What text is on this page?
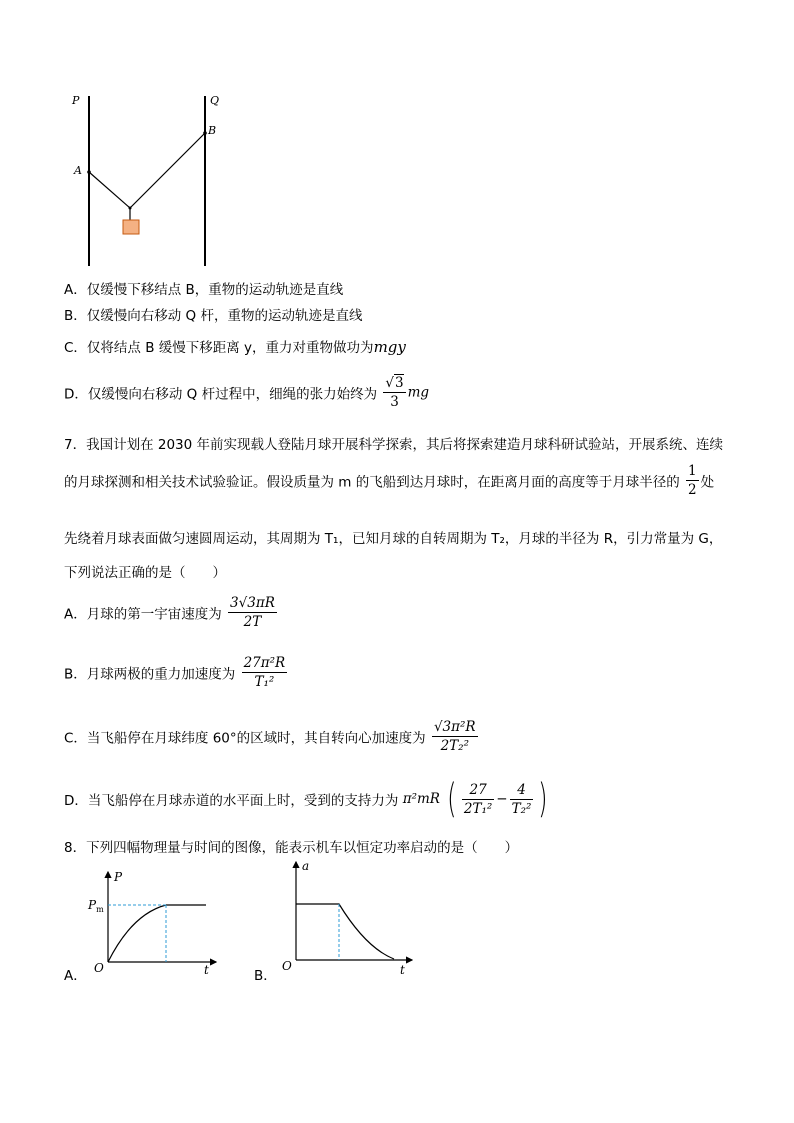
P	Q
A
B
A．仅缓慢下移结点 B，重物的运动轨迹是直线
B．仅缓慢向右移动 Q 杆，重物的运动轨迹是直线
C．仅将结点 B 缓慢下移距离 y，重力对重物做功为mgy
D．仅缓慢向右移动 Q 杆过程中，细绳的张力始终为 $\frac{√3}{3}$ mg
7．我国计划在 2030 年前实现载人登陆月球开展科学探索，其后将探索建造月球科研试验站，开展系统、连续
的月球探测和相关技术试验验证。假设质量为 m 的飞船到达月球时，在距离月面的高度等于月球半径的 $\frac{1}{2}$ 处
先绕着月球表面做匀速圆周运动，其周期为 T₁，已知月球的自转周期为 T₂，月球的半径为 R，引力常量为 G，
下列说法正确的是（　　）
A．月球的第一宇宙速度为 $\frac{3√3\pi R}{2T}$
B．月球两极的重力加速度为 $\frac{\text{27π²R}}{\text{T₁²}}$
C．当飞船停在月球纬度 60°的区域时，其自转向心加速度为 $\frac{\text{√3π²R}}{\text{2T₂²}}$
D．当飞船停在月球赤道的水平面上时，受到的支持力为 π²mR ( $\frac{27}{\text{2T₁²}} - \frac{4}{\text{T₂²}}$ )
8．下列四幅物理量与时间的图像，能表示机车以恒定功率启动的是（　　）
A．
P
$P_m$
O	t	B．
a
O	t
